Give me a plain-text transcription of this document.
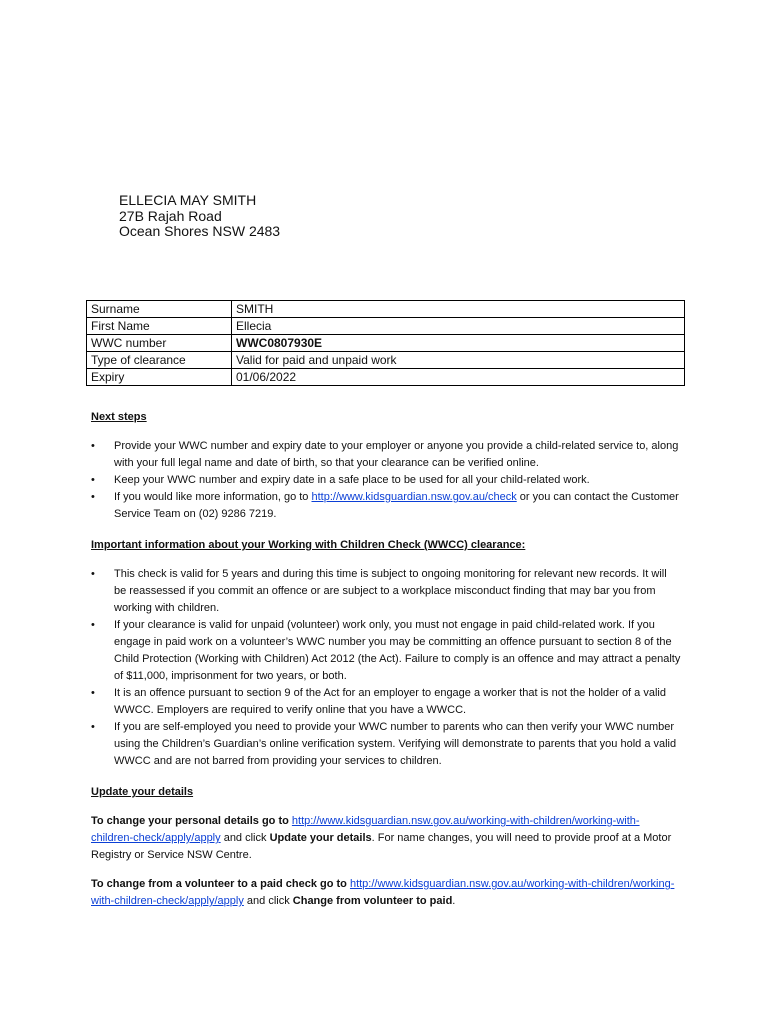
ELLECIA MAY SMITH
27B Rajah Road
Ocean Shores NSW 2483
Surname	SMITH
First Name	Ellecia
WWC number	WWC0807930E
Type of clearance	Valid for paid and unpaid work
Expiry	01/06/2022

Next steps

•	Provide your WWC number and expiry date to your employer or anyone you provide a child-related service to, along with your full legal name and date of birth, so that your clearance can be verified online.
•	Keep your WWC number and expiry date in a safe place to be used for all your child-related work.
•	If you would like more information, go to http://www.kidsguardian.nsw.gov.au/check or you can contact the Customer Service Team on (02) 9286 7219.

Important information about your Working with Children Check (WWCC) clearance:

•	This check is valid for 5 years and during this time is subject to ongoing monitoring for relevant new records. It will be reassessed if you commit an offence or are subject to a workplace misconduct finding that may bar you from working with children.
•	If your clearance is valid for unpaid (volunteer) work only, you must not engage in paid child-related work. If you engage in paid work on a volunteer’s WWC number you may be committing an offence pursuant to section 8 of the Child Protection (Working with Children) Act 2012 (the Act). Failure to comply is an offence and may attract a penalty of $11,000, imprisonment for two years, or both.
•	It is an offence pursuant to section 9 of the Act for an employer to engage a worker that is not the holder of a valid WWCC. Employers are required to verify online that you have a WWCC.
•	If you are self-employed you need to provide your WWC number to parents who can then verify your WWC number using the Children’s Guardian’s online verification system. Verifying will demonstrate to parents that you hold a valid WWCC and are not barred from providing your services to children.

Update your details

To change your personal details go to http://www.kidsguardian.nsw.gov.au/working-with-children/working-with-children-check/apply/apply and click Update your details. For name changes, you will need to provide proof at a Motor Registry or Service NSW Centre.

To change from a volunteer to a paid check go to http://www.kidsguardian.nsw.gov.au/working-with-children/working-with-children-check/apply/apply and click Change from volunteer to paid.
